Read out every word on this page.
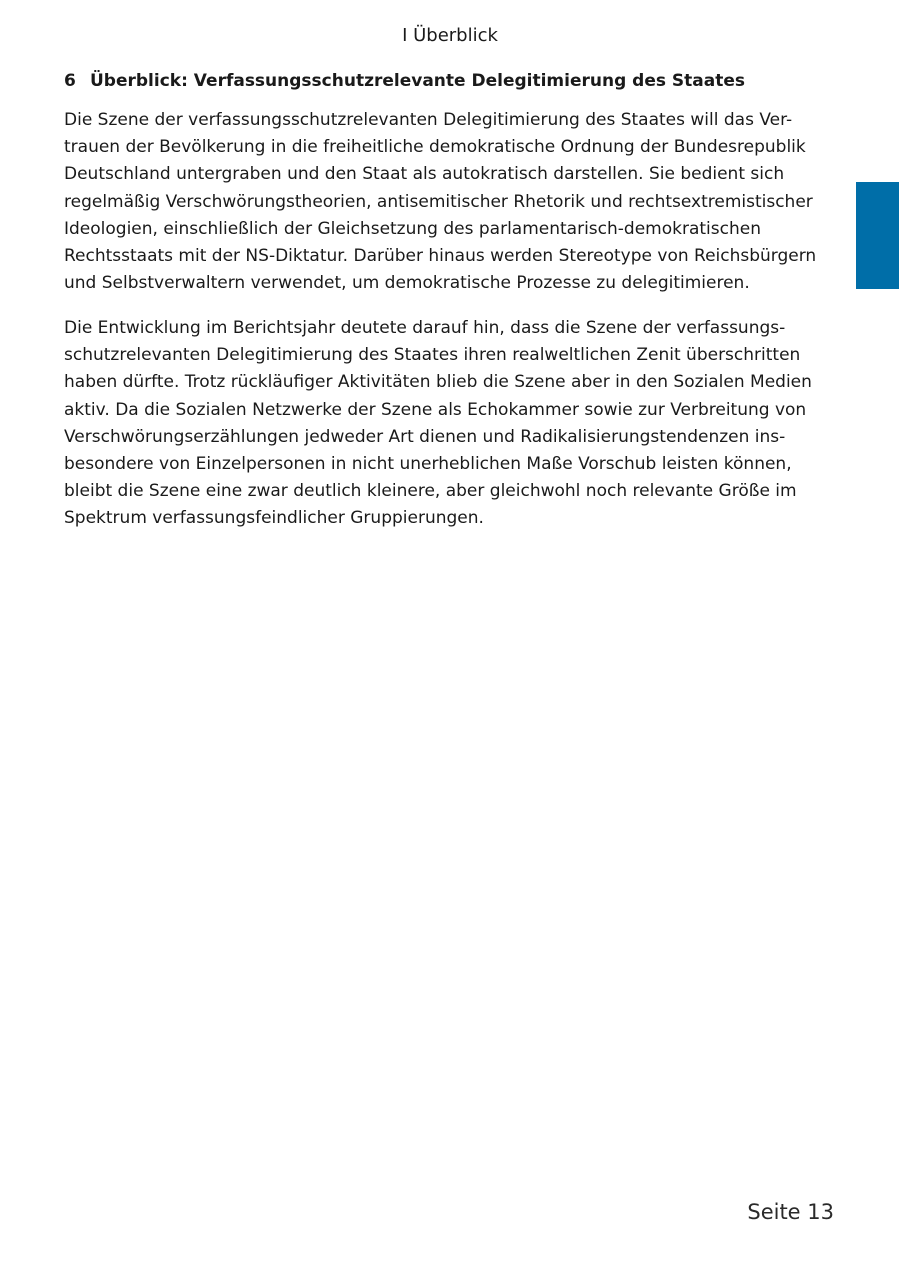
I Überblick
6 Überblick: Verfassungsschutzrelevante Delegitimierung des Staates
Die Szene der verfassungsschutzrelevanten Delegitimierung des Staates will das Ver-
trauen der Bevölkerung in die freiheitliche demokratische Ordnung der Bundesrepublik
Deutschland untergraben und den Staat als autokratisch darstellen. Sie bedient sich
regelmäßig Verschwörungstheorien, antisemitischer Rhetorik und rechtsextremistischer
Ideologien, einschließlich der Gleichsetzung des parlamentarisch-demokratischen
Rechtsstaats mit der NS-Diktatur. Darüber hinaus werden Stereotype von Reichsbürgern
und Selbstverwaltern verwendet, um demokratische Prozesse zu delegitimieren.
Die Entwicklung im Berichtsjahr deutete darauf hin, dass die Szene der verfassungs-
schutzrelevanten Delegitimierung des Staates ihren realweltlichen Zenit überschritten
haben dürfte. Trotz rückläufiger Aktivitäten blieb die Szene aber in den Sozialen Medien
aktiv. Da die Sozialen Netzwerke der Szene als Echokammer sowie zur Verbreitung von
Verschwörungserzählungen jedweder Art dienen und Radikalisierungstendenzen ins-
besondere von Einzelpersonen in nicht unerheblichen Maße Vorschub leisten können,
bleibt die Szene eine zwar deutlich kleinere, aber gleichwohl noch relevante Größe im
Spektrum verfassungsfeindlicher Gruppierungen.
Seite 13
